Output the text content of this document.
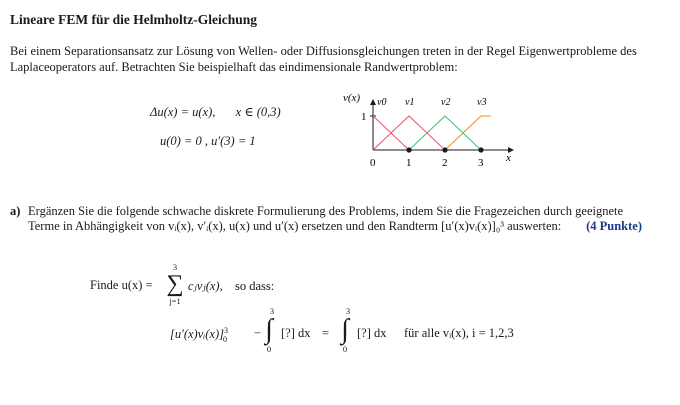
Lineare FEM für die Helmholtz-Gleichung
Bei einem Separationsansatz zur Lösung von Wellen- oder Diffusionsgleichungen treten in der Regel Eigenwertprobleme des Laplaceoperators auf. Betrachten Sie beispielhaft das eindimensionale Randwertproblem:
Δu(x) = u(x), x ∈ (0,3)
u(0) = 0 , u′(3) = 1
v(x)
1
v0 v1	v2	v3
0	1	2	3 x
a) Ergänzen Sie die folgende schwache diskrete Formulierung des Problems, indem Sie die Fragezeichen durch geeignete Terme in Abhängigkeit von vᵢ(x), v′ᵢ(x), u(x) und u′(x) ersetzen und den Randterm [u′(x)vᵢ(x)]₀³ auswerten:	(4 Punkte)
Finde u(x) =
3
∑
j=1
cⱼvⱼ(x), so dass:
[u′(x)vᵢ(x)]$^3_0$ −
3
∫
0
[?] dx =
3
∫
0
[?] dx für alle vᵢ(x), i = 1,2,3
